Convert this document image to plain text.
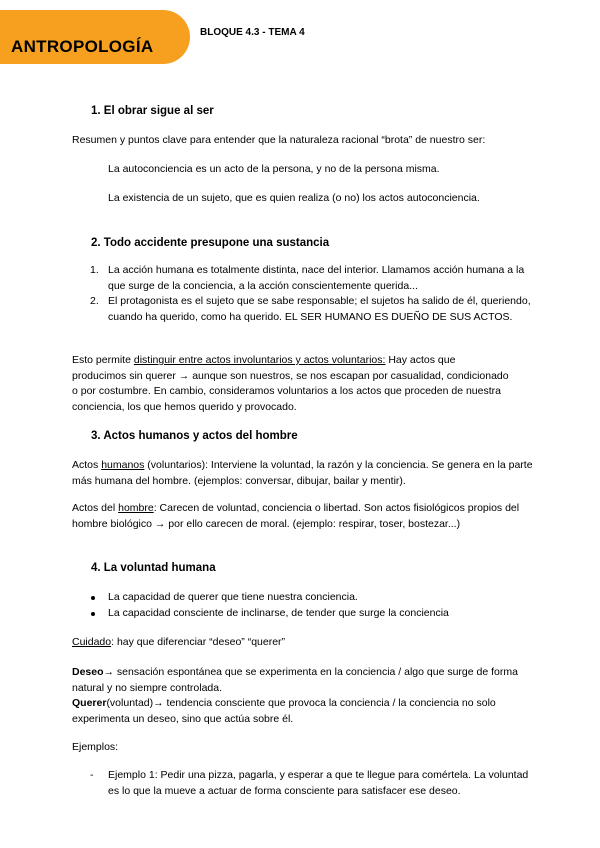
ANTROPOLOGÍA
BLOQUE 4.3 - TEMA 4
1. El obrar sigue al ser
Resumen y puntos clave para entender que la naturaleza racional “brota” de nuestro ser:
La autoconciencia es un acto de la persona, y no de la persona misma.
La existencia de un sujeto, que es quien realiza (o no) los actos autoconciencia.
2. Todo accidente presupone una sustancia
1. La acción humana es totalmente distinta, nace del interior. Llamamos acción humana a la que surge de la conciencia, a la acción conscientemente querida...
2. El protagonista es el sujeto que se sabe responsable; el sujetos ha salido de él, queriendo, cuando ha querido, como ha querido. EL SER HUMANO ES DUEÑO DE SUS ACTOS.
Esto permite distinguir entre actos involuntarios y actos voluntarios: Hay actos que producimos sin querer → aunque son nuestros, se nos escapan por casualidad, condicionado o por costumbre. En cambio, consideramos voluntarios a los actos que proceden de nuestra conciencia, los que hemos querido y provocado.
3. Actos humanos y actos del hombre
Actos humanos (voluntarios): Interviene la voluntad, la razón y la conciencia. Se genera en la parte más humana del hombre. (ejemplos: conversar, dibujar, bailar y mentir).
Actos del hombre: Carecen de voluntad, conciencia o libertad. Son actos fisiológicos propios del hombre biológico → por ello carecen de moral. (ejemplo: respirar, toser, bostezar...)
4. La voluntad humana
La capacidad de querer que tiene nuestra conciencia.
La capacidad consciente de inclinarse, de tender que surge la conciencia
Cuidado: hay que diferenciar “deseo” “querer”
Deseo→ sensación espontánea que se experimenta en la conciencia / algo que surge de forma natural y no siempre controlada.
Querer(voluntad)→ tendencia consciente que provoca la conciencia / la conciencia no solo experimenta un deseo, sino que actúa sobre él.
Ejemplos:
- Ejemplo 1: Pedir una pizza, pagarla, y esperar a que te llegue para comértela. La voluntad es lo que la mueve a actuar de forma consciente para satisfacer ese deseo.
